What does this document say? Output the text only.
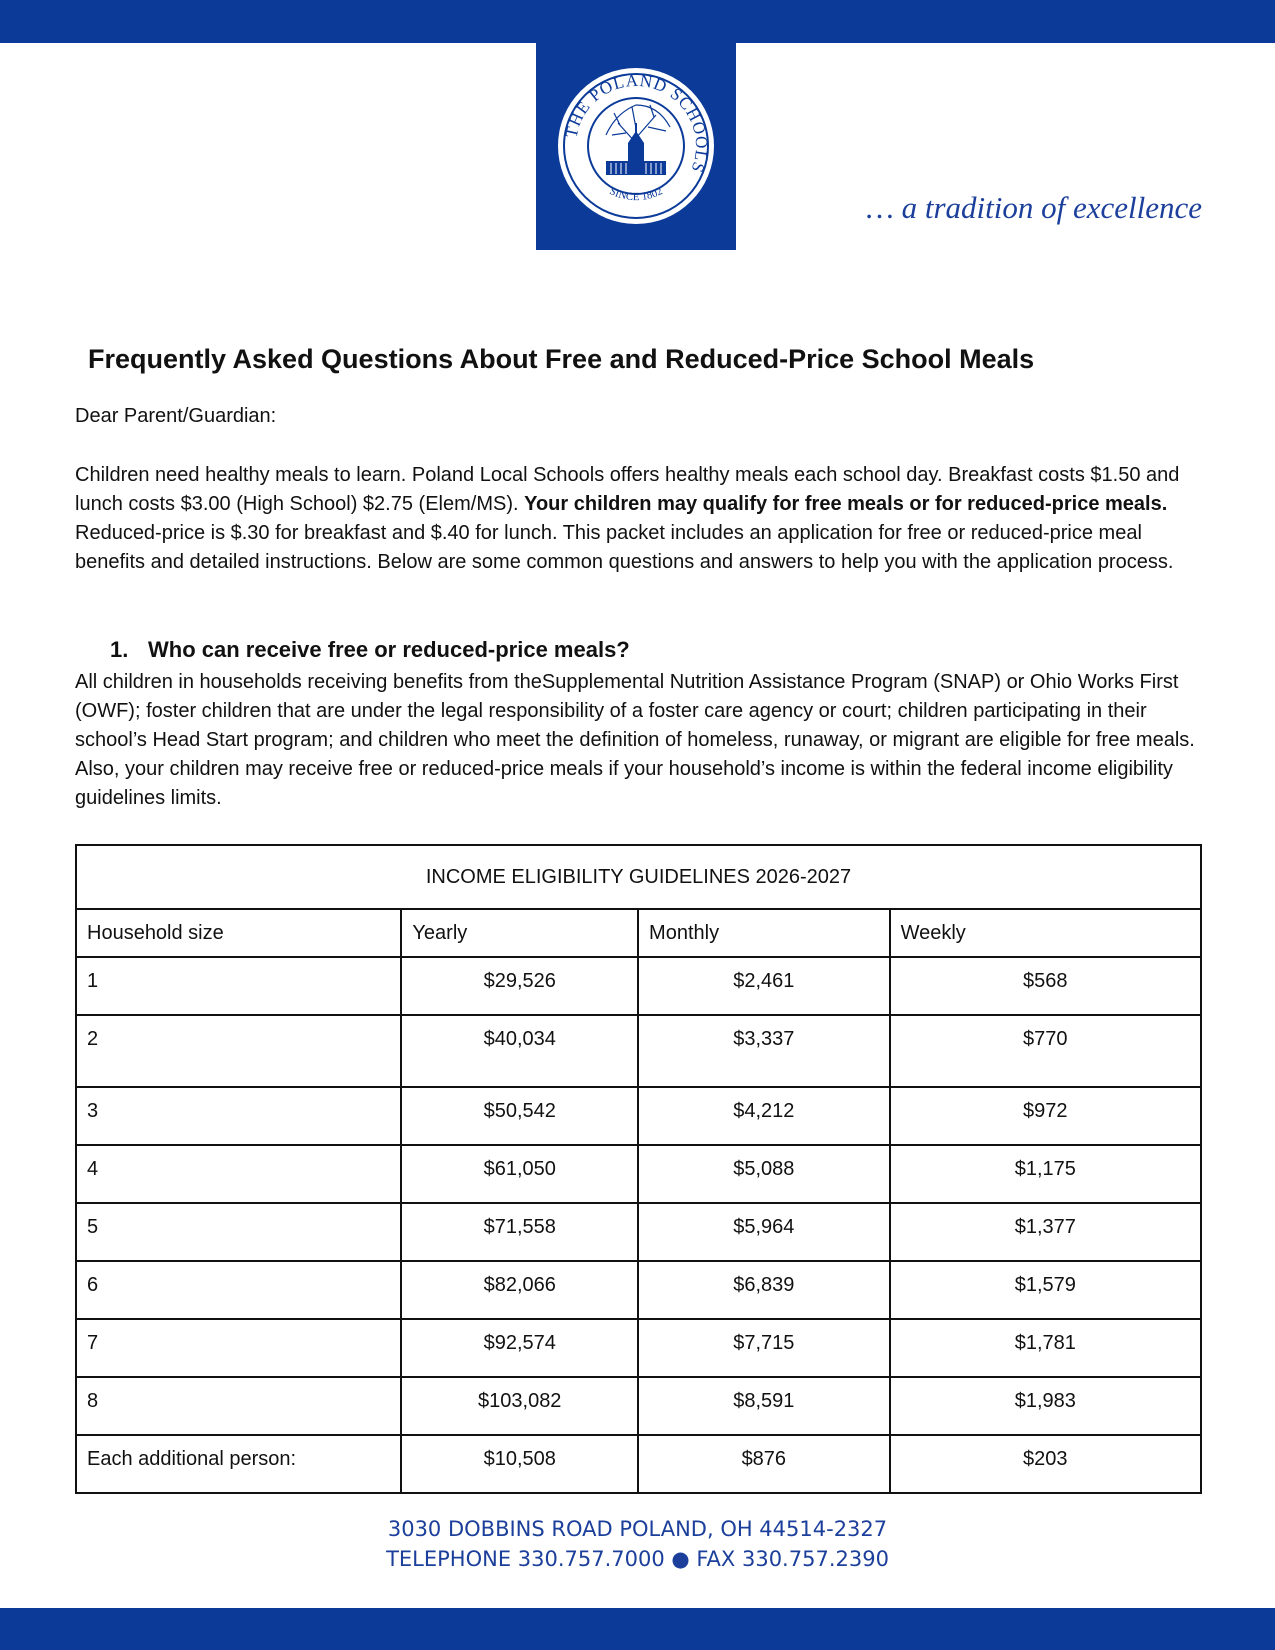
THE POLAND SCHOOLS
SINCE 1802	… a tradition of excellence
Frequently Asked Questions About Free and Reduced-Price School Meals

Dear Parent/Guardian:

Children need healthy meals to learn. Poland Local Schools offers healthy meals each school day. Breakfast costs $1.50 and lunch costs $3.00 (High School) $2.75 (Elem/MS). Your children may qualify for free meals or for reduced-price meals. Reduced-price is $.30 for breakfast and $.40 for lunch. This packet includes an application for free or reduced-price meal benefits and detailed instructions. Below are some common questions and answers to help you with the application process.

1. Who can receive free or reduced-price meals?

All children in households receiving benefits from theSupplemental Nutrition Assistance Program (SNAP) or Ohio Works First (OWF); foster children that are under the legal responsibility of a foster care agency or court; children participating in their school’s Head Start program; and children who meet the definition of homeless, runaway, or migrant are eligible for free meals. Also, your children may receive free or reduced-price meals if your household’s income is within the federal income eligibility guidelines limits.

INCOME ELIGIBILITY GUIDELINES 2026-2027			
Household size	Yearly	Monthly	Weekly
1	$29,526	$2,461	$568
2	$40,034	$3,337	$770
3	$50,542	$4,212	$972
4	$61,050	$5,088	$1,175
5	$71,558	$5,964	$1,377
6	$82,066	$6,839	$1,579
7	$92,574	$7,715	$1,781
8	$103,082	$8,591	$1,983
Each additional person:	$10,508	$876	$203
3030 DOBBINS ROAD POLAND, OH 44514-2327
TELEPHONE 330.757.7000 ● FAX 330.757.2390
